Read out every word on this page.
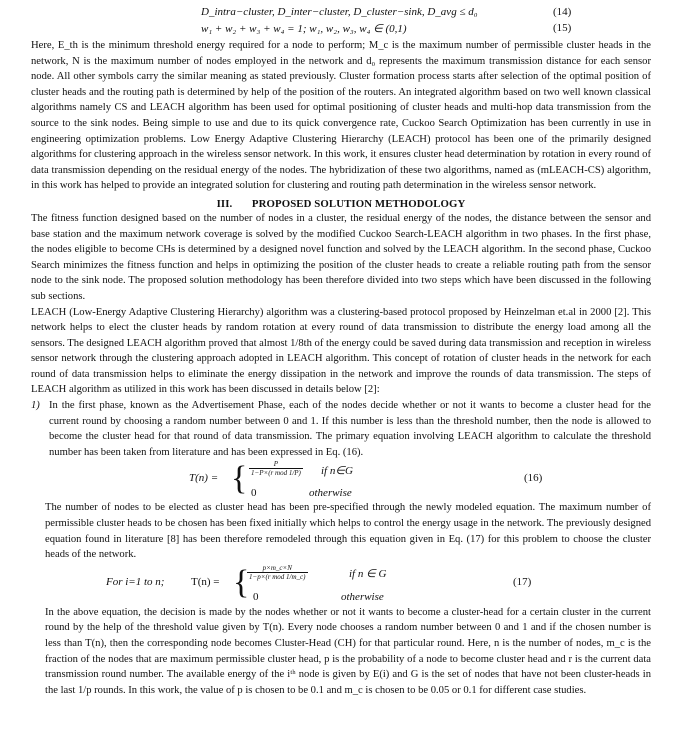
D_intra−cluster, D_inter−cluster, D_cluster−sink, D_avg ≤ d₀	(14)
w₁ + w₂ + w₃ + w₄ = 1; w₁, w₂, w₃, w₄ ∈ (0,1)	(15)

Here, E_th is the minimum threshold energy required for a node to perform; M_c is the maximum number of permissible cluster heads in the network, N is the maximum number of nodes employed in the network and d₀ represents the maximum transmission distance for each sensor node. All other symbols carry the similar meaning as stated previously. Cluster formation process starts after selection of the optimal position of cluster heads and the routing path is determined by help of the position of the routers. An integrated algorithm based on two well known classical algorithms namely CS and LEACH algorithm has been used for optimal positioning of cluster heads and multi-hop data transmission from the source to the sink nodes. Being simple to use and due to its quick convergence rate, Cuckoo Search Optimization has been currently in use in engineering optimization problems. Low Energy Adaptive Clustering Hierarchy (LEACH) protocol has been one of the primarily designed algorithms for clustering approach in the wireless sensor network. In this work, it ensures cluster head determination by rotation in every round of data transmission depending on the residual energy of the nodes. The hybridization of these two algorithms, named as (mLEACH-CS) algorithm, in this work has helped to provide an integrated solution for clustering and routing path determination in the wireless sensor network.

III. PROPOSED SOLUTION METHODOLOGY

The fitness function designed based on the number of nodes in a cluster, the residual energy of the nodes, the distance between the sensor and base station and the maximum network coverage is solved by the modified Cuckoo Search-LEACH algorithm in two phases. In the first phase, the nodes eligible to become CHs is determined by a designed novel function and solved by the LEACH algorithm. In the second phase, Cuckoo Search minimizes the fitness function and helps in optimizing the position of the cluster heads to create a reliable routing path from the sensor node to the sink node. The proposed solution methodology has been therefore divided into two steps which have been discussed in the following sub sections.

LEACH (Low-Energy Adaptive Clustering Hierarchy) algorithm was a clustering-based protocol proposed by Heinzelman et.al in 2000 [2]. This network helps to elect the cluster heads by random rotation at every round of data transmission to distribute the energy load among all the sensors. The designed LEACH algorithm proved that almost 1/8th of the energy could be saved during data transmission and reception in wireless sensor network through the clustering approach adopted in LEACH algorithm. This concept of rotation of cluster heads in the network for each round of data transmission helps to eliminate the energy dissipation in the network and improve the rounds of data transmission. The steps of LEACH algorithm as utilized in this work has been discussed in details below [2]:

1) In the first phase, known as the Advertisement Phase, each of the nodes decide whether or not it wants to become a cluster head for the current round by choosing a random number between 0 and 1. If this number is less than the threshold number, then the node is allowed to become the cluster head for that round of data transmission. The primary equation involving LEACH algorithm to calculate the threshold number has been taken from literature and has been expressed in Eq. (16).

T(n) = {	P
1−P×(r mod 1/P) if n∈G
0	otherwise
(16)

The number of nodes to be elected as cluster head has been pre-specified through the newly modeled equation. The maximum number of permissible cluster heads to be chosen has been fixed initially which helps to control the energy usage in the network. The previously designed equation found in literature [8] has been therefore remodeled through this equation given in Eq. (17) for this problem to choose the cluster heads of the network.

For i=1 to n; T(n) = {	p×m_c×N
1−p×(r mod 1/m_c)	if n ∈ G
0	otherwise
(17)

In the above equation, the decision is made by the nodes whether or not it wants to become a cluster-head for a certain cluster in the current round by the help of the threshold value given by T(n). Every node chooses a random number between 0 and 1 and if the chosen number is less than T(n), then the corresponding node becomes Cluster-Head (CH) for that particular round. Here, n is the number of nodes, m_c is the fraction of the nodes that are maximum permissible cluster head, p is the probability of a node to become cluster head and r is the current data transmission round number. The available energy of the iᵗʰ node is given by E(i) and G is the set of nodes that have not been cluster-heads in the last 1/p rounds. In this work, the value of p is chosen to be 0.1 and m_c is chosen to be 0.05 or 0.1 for different case studies.
